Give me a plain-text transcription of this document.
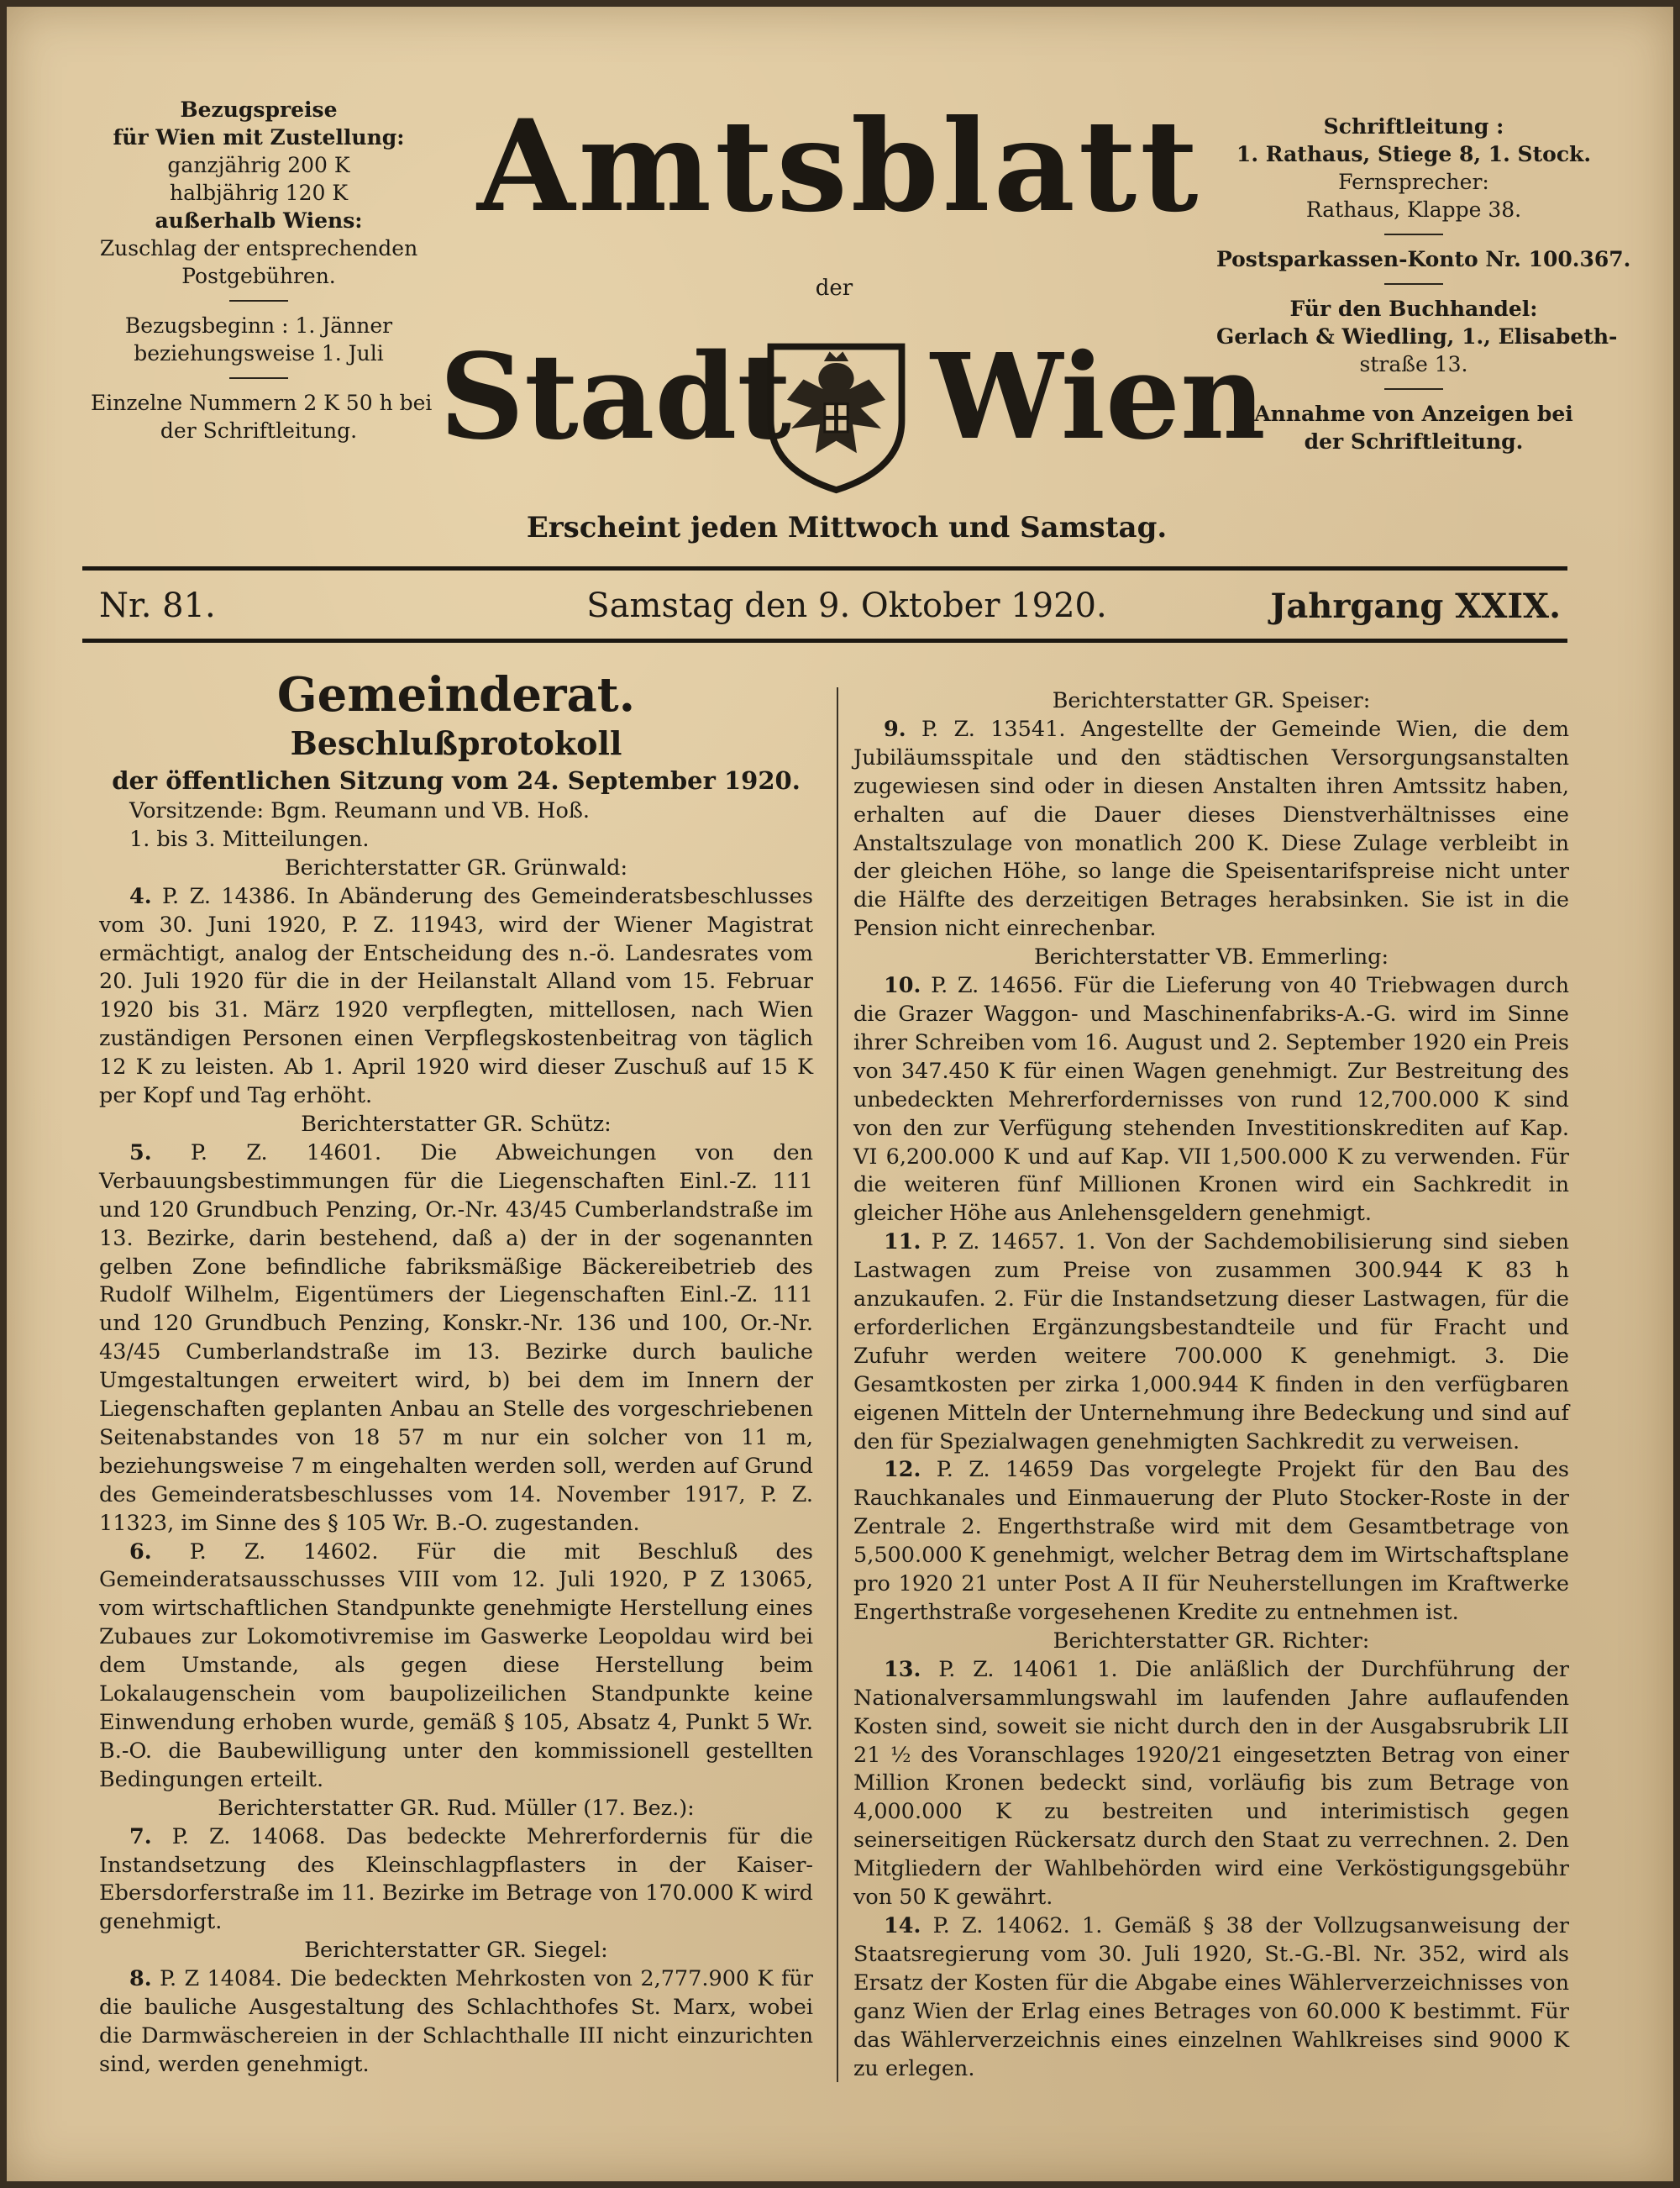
Bezugspreise
für Wien mit Zustellung:
ganzjährig 200 K
halbjährig 120 K
außerhalb Wiens:
Zuschlag der entsprechenden
Postgebühren.
Bezugsbeginn : 1. Jänner
beziehungsweise 1. Juli
Einzelne Nummern 2 K 50 h bei
der Schriftleitung.
Amtsblatt
der
Stadt Wien
Erscheint jeden Mittwoch und Samstag.
Schriftleitung :
1. Rathaus, Stiege 8, 1. Stock.
Fernsprecher:
Rathaus, Klappe 38.
Postsparkassen-Konto Nr. 100.367.
Für den Buchhandel:
Gerlach & Wiedling, 1., Elisabeth-
straße 13.
Annahme von Anzeigen bei
der Schriftleitung.
Nr. 81.	Samstag den 9. Oktober 1920.	Jahrgang XXIX.

Gemeinderat.

Beschlußprotokoll

der öffentlichen Sitzung vom 24. September 1920.

Vorsitzende: Bgm. Reumann und VB. Hoß.

1. bis 3. Mitteilungen.

Berichterstatter GR. Grünwald:

4. P. Z. 14386. In Abänderung des Gemeinderatsbeschlusses vom 30. Juni 1920, P. Z. 11943, wird der Wiener Magistrat ermächtigt, analog der Entscheidung des n.-ö. Landesrates vom 20. Juli 1920 für die in der Heilanstalt Alland vom 15. Februar 1920 bis 31. März 1920 verpflegten, mittellosen, nach Wien zuständigen Personen einen Verpflegskostenbeitrag von täglich 12 K zu leisten. Ab 1. April 1920 wird dieser Zuschuß auf 15 K per Kopf und Tag erhöht.

Berichterstatter GR. Schütz:

5. P. Z. 14601. Die Abweichungen von den Verbauungsbestimmungen für die Liegenschaften Einl.-Z. 111 und 120 Grundbuch Penzing, Or.-Nr. 43/45 Cumberlandstraße im 13. Bezirke, darin bestehend, daß a) der in der sogenannten gelben Zone befindliche fabriksmäßige Bäckereibetrieb des Rudolf Wilhelm, Eigentümers der Liegenschaften Einl.-Z. 111 und 120 Grundbuch Penzing, Konskr.-Nr. 136 und 100, Or.-Nr. 43/45 Cumberlandstraße im 13. Bezirke durch bauliche Umgestaltungen erweitert wird, b) bei dem im Innern der Liegenschaften geplanten Anbau an Stelle des vorgeschriebenen Seitenabstandes von 18 57 m nur ein solcher von 11 m, beziehungsweise 7 m eingehalten werden soll, werden auf Grund des Gemeinderatsbeschlusses vom 14. November 1917, P. Z. 11323, im Sinne des § 105 Wr. B.-O. zugestanden.

6. P. Z. 14602. Für die mit Beschluß des Gemeinderatsausschusses VIII vom 12. Juli 1920, P Z 13065, vom wirtschaftlichen Standpunkte genehmigte Herstellung eines Zubaues zur Lokomotivremise im Gaswerke Leopoldau wird bei dem Umstande, als gegen diese Herstellung beim Lokalaugenschein vom baupolizeilichen Standpunkte keine Einwendung erhoben wurde, gemäß § 105, Absatz 4, Punkt 5 Wr. B.-O. die Baubewilligung unter den kommissionell gestellten Bedingungen erteilt.

Berichterstatter GR. Rud. Müller (17. Bez.):

7. P. Z. 14068. Das bedeckte Mehrerfordernis für die Instandsetzung des Kleinschlagpflasters in der Kaiser-Ebersdorferstraße im 11. Bezirke im Betrage von 170.000 K wird genehmigt.

Berichterstatter GR. Siegel:

8. P. Z 14084. Die bedeckten Mehrkosten von 2,777.900 K für die bauliche Ausgestaltung des Schlachthofes St. Marx, wobei die Darmwäschereien in der Schlachthalle III nicht einzurichten sind, werden genehmigt.

Berichterstatter GR. Speiser:

9. P. Z. 13541. Angestellte der Gemeinde Wien, die dem Jubiläumsspitale und den städtischen Versorgungsanstalten zugewiesen sind oder in diesen Anstalten ihren Amtssitz haben, erhalten auf die Dauer dieses Dienstverhältnisses eine Anstaltszulage von monatlich 200 K. Diese Zulage verbleibt in der gleichen Höhe, so lange die Speisentarifspreise nicht unter die Hälfte des derzeitigen Betrages herabsinken. Sie ist in die Pension nicht einrechenbar.

Berichterstatter VB. Emmerling:

10. P. Z. 14656. Für die Lieferung von 40 Triebwagen durch die Grazer Waggon- und Maschinenfabriks-A.-G. wird im Sinne ihrer Schreiben vom 16. August und 2. September 1920 ein Preis von 347.450 K für einen Wagen genehmigt. Zur Bestreitung des unbedeckten Mehrerfordernisses von rund 12,700.000 K sind von den zur Verfügung stehenden Investitionskrediten auf Kap. VI 6,200.000 K und auf Kap. VII 1,500.000 K zu verwenden. Für die weiteren fünf Millionen Kronen wird ein Sachkredit in gleicher Höhe aus Anlehensgeldern genehmigt.

11. P. Z. 14657. 1. Von der Sachdemobilisierung sind sieben Lastwagen zum Preise von zusammen 300.944 K 83 h anzukaufen. 2. Für die Instandsetzung dieser Lastwagen, für die erforderlichen Ergänzungsbestandteile und für Fracht und Zufuhr werden weitere 700.000 K genehmigt. 3. Die Gesamtkosten per zirka 1,000.944 K finden in den verfügbaren eigenen Mitteln der Unternehmung ihre Bedeckung und sind auf den für Spezialwagen genehmigten Sachkredit zu verweisen.

12. P. Z. 14659 Das vorgelegte Projekt für den Bau des Rauchkanales und Einmauerung der Pluto Stocker-Roste in der Zentrale 2. Engerthstraße wird mit dem Gesamtbetrage von 5,500.000 K genehmigt, welcher Betrag dem im Wirtschaftsplane pro 1920 21 unter Post A II für Neuherstellungen im Kraftwerke Engerthstraße vorgesehenen Kredite zu entnehmen ist.

Berichterstatter GR. Richter:

13. P. Z. 14061 1. Die anläßlich der Durchführung der Nationalversammlungswahl im laufenden Jahre auflaufenden Kosten sind, soweit sie nicht durch den in der Ausgabsrubrik LII 21 ½ des Voranschlages 1920/21 eingesetzten Betrag von einer Million Kronen bedeckt sind, vorläufig bis zum Betrage von 4,000.000 K zu bestreiten und interimistisch gegen seinerseitigen Rückersatz durch den Staat zu verrechnen. 2. Den Mitgliedern der Wahlbehörden wird eine Verköstigungsgebühr von 50 K gewährt.

14. P. Z. 14062. 1. Gemäß § 38 der Vollzugsanweisung der Staatsregierung vom 30. Juli 1920, St.-G.-Bl. Nr. 352, wird als Ersatz der Kosten für die Abgabe eines Wählerverzeichnisses von ganz Wien der Erlag eines Betrages von 60.000 K bestimmt. Für das Wählerverzeichnis eines einzelnen Wahlkreises sind 9000 K zu erlegen.
